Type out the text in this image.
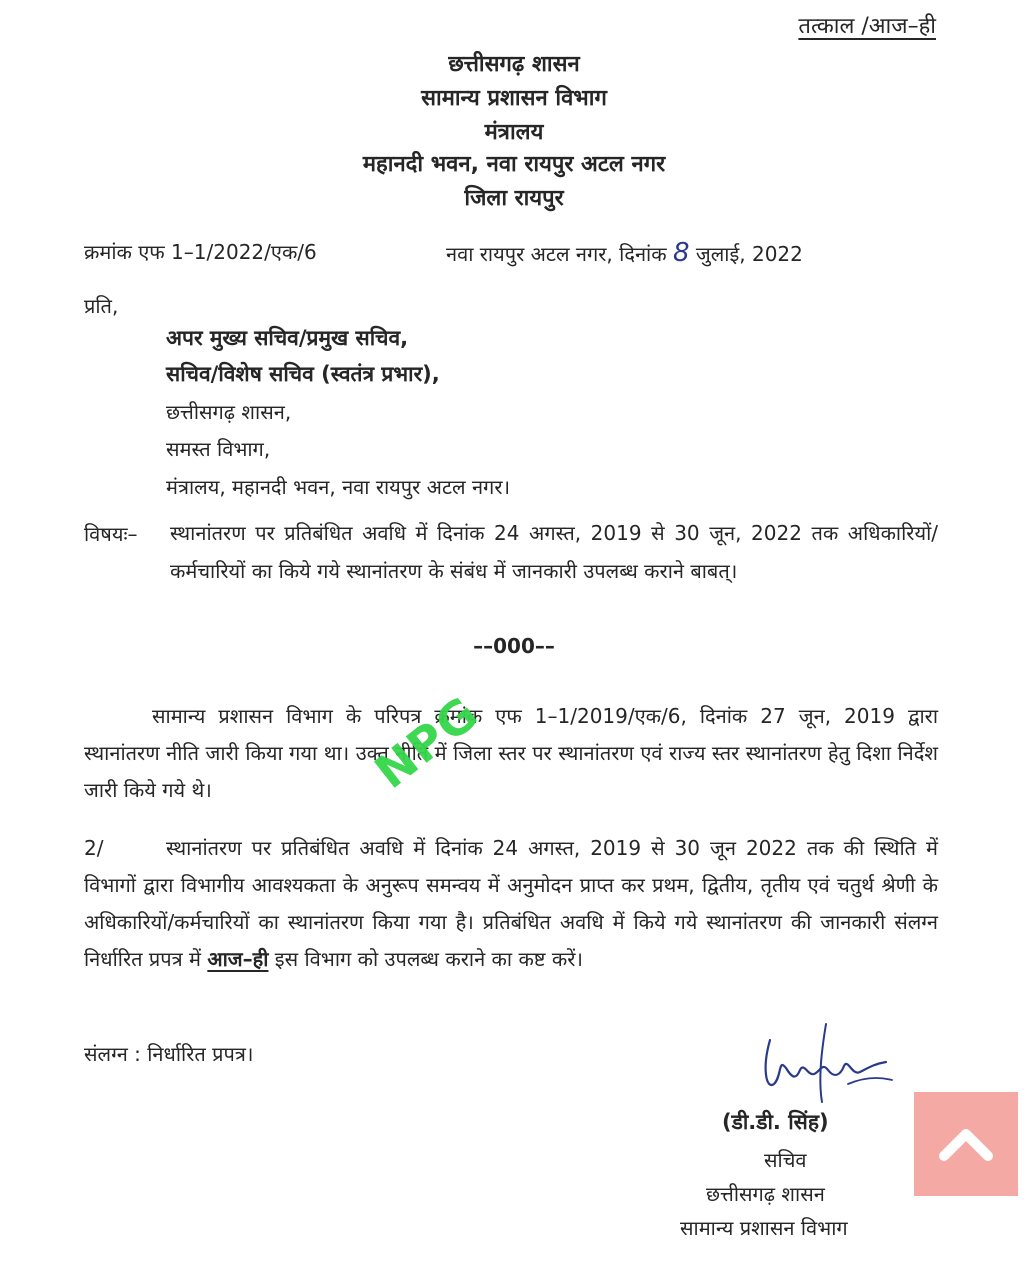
तत्काल /आज–ही
छत्तीसगढ़ शासन
सामान्य प्रशासन विभाग
मंत्रालय
महानदी भवन, नवा रायपुर अटल नगर
जिला रायपुर
क्रमांक एफ 1–1/2022/एक/6	नवा रायपुर अटल नगर, दिनांक 8 जुलाई, 2022
प्रति,
अपर मुख्य सचिव/प्रमुख सचिव,
सचिव/विशेष सचिव (स्वतंत्र प्रभार),
छत्तीसगढ़ शासन,
समस्त विभाग,
मंत्रालय, महानदी भवन, नवा रायपुर अटल नगर।
विषयः– स्थानांतरण पर प्रतिबंधित अवधि में दिनांक 24 अगस्त, 2019 से 30 जून, 2022 तक अधिकारियों/कर्मचारियों का किये गये स्थानांतरण के संबंध में जानकारी उपलब्ध कराने बाबत्।
––000––
सामान्य प्रशासन विभाग के परिपत्र क्रमांक एफ 1–1/2019/एक/6, दिनांक 27 जून, 2019 द्वारा स्थानांतरण नीति जारी किया गया था। उक्त नीति में जिला स्तर पर स्थानांतरण एवं राज्य स्तर स्थानांतरण हेतु दिशा निर्देश जारी किये गये थे।
2/	स्थानांतरण पर प्रतिबंधित अवधि में दिनांक 24 अगस्त, 2019 से 30 जून 2022 तक की स्थिति में विभागों द्वारा विभागीय आवश्यकता के अनुरूप समन्वय में अनुमोदन प्राप्त कर प्रथम, द्वितीय, तृतीय एवं चतुर्थ श्रेणी के अधिकारियों/कर्मचारियों का स्थानांतरण किया गया है। प्रतिबंधित अवधि में किये गये स्थानांतरण की जानकारी संलग्न निर्धारित प्रपत्र में आज–ही इस विभाग को उपलब्ध कराने का कष्ट करें।
संलग्न : निर्धारित प्रपत्र।
(डी.डी. सिंह)
सचिव
छत्तीसगढ़ शासन
सामान्य प्रशासन विभाग
NPG
